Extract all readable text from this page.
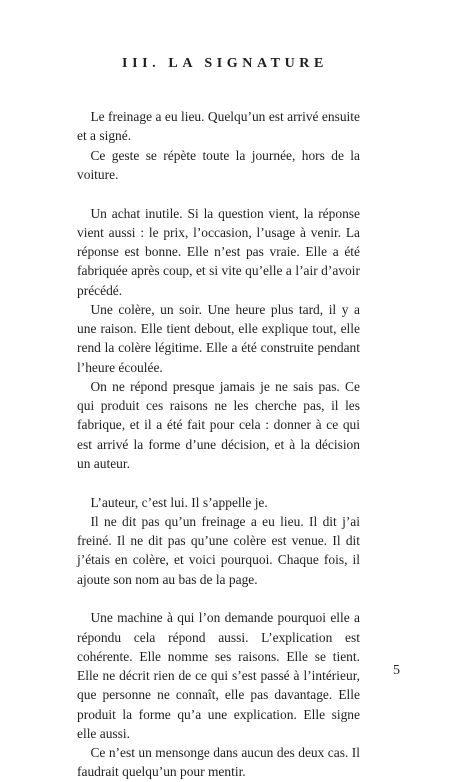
III. LA SIGNATURE

Le freinage a eu lieu. Quelqu’un est arrivé ensuite et a signé.

Ce geste se répète toute la journée, hors de la voiture.

Un achat inutile. Si la question vient, la réponse vient aussi : le prix, l’occasion, l’usage à venir. La réponse est bonne. Elle n’est pas vraie. Elle a été fabriquée après coup, et si vite qu’elle a l’air d’avoir précédé.

Une colère, un soir. Une heure plus tard, il y a une raison. Elle tient debout, elle explique tout, elle rend la colère légitime. Elle a été construite pendant l’heure écoulée.

On ne répond presque jamais je ne sais pas. Ce qui produit ces raisons ne les cherche pas, il les fabrique, et il a été fait pour cela : donner à ce qui est arrivé la forme d’une décision, et à la décision un auteur.

L’auteur, c’est lui. Il s’appelle je.

Il ne dit pas qu’un freinage a eu lieu. Il dit j’ai freiné. Il ne dit pas qu’une colère est venue. Il dit j’étais en colère, et voici pourquoi. Chaque fois, il ajoute son nom au bas de la page.

Une machine à qui l’on demande pourquoi elle a répondu cela répond aussi. L’explication est cohérente. Elle nomme ses raisons. Elle se tient. Elle ne décrit rien de ce qui s’est passé à l’intérieur, que personne ne connaît, elle pas davantage. Elle produit la forme qu’a une explication. Elle signe elle aussi.

Ce n’est un mensonge dans aucun des deux cas. Il faudrait quelqu’un pour mentir.

5
